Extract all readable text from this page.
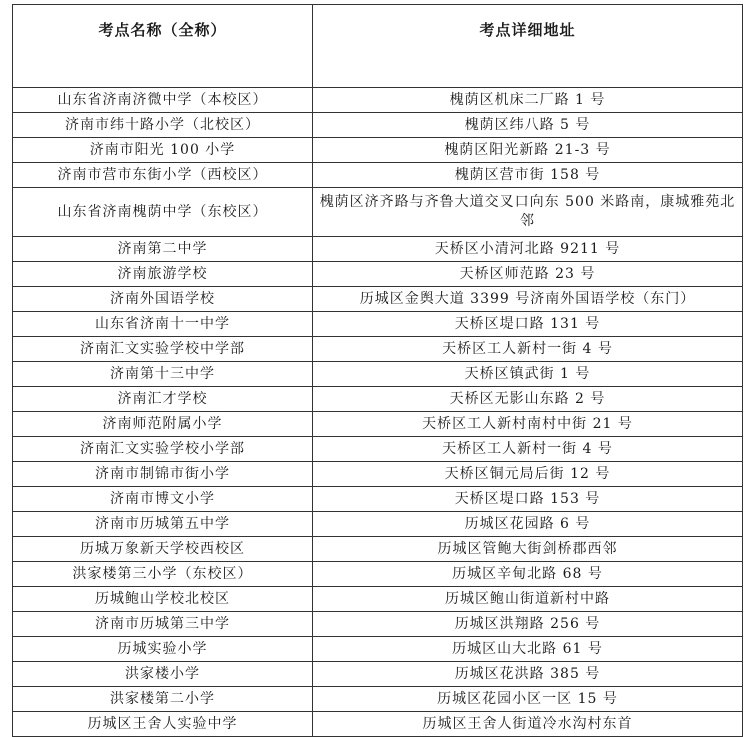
考点名称（全称）	考点详细地址
山东省济南济微中学（本校区）	槐荫区机床二厂路 1 号
济南市纬十路小学（北校区）	槐荫区纬八路 5 号
济南市阳光 100 小学	槐荫区阳光新路 21-3 号
济南市营市东街小学（西校区）	槐荫区营市街 158 号
山东省济南槐荫中学（东校区）	槐荫区济齐路与齐鲁大道交叉口向东 500 米路南，康城雅苑北邻
济南第二中学	天桥区小清河北路 9211 号
济南旅游学校	天桥区师范路 23 号
济南外国语学校	历城区金舆大道 3399 号济南外国语学校（东门）
山东省济南十一中学	天桥区堤口路 131 号
济南汇文实验学校中学部	天桥区工人新村一街 4 号
济南第十三中学	天桥区镇武街 1 号
济南汇才学校	天桥区无影山东路 2 号
济南师范附属小学	天桥区工人新村南村中街 21 号
济南汇文实验学校小学部	天桥区工人新村一街 4 号
济南市制锦市街小学	天桥区铜元局后街 12 号
济南市博文小学	天桥区堤口路 153 号
济南市历城第五中学	历城区花园路 6 号
历城万象新天学校西校区	历城区管鲍大街剑桥郡西邻
洪家楼第三小学（东校区）	历城区辛甸北路 68 号
历城鲍山学校北校区	历城区鲍山街道新村中路
济南市历城第三中学	历城区洪翔路 256 号
历城实验小学	历城区山大北路 61 号
洪家楼小学	历城区花洪路 385 号
洪家楼第二小学	历城区花园小区一区 15 号
历城区王舍人实验中学	历城区王舍人街道冷水沟村东首
